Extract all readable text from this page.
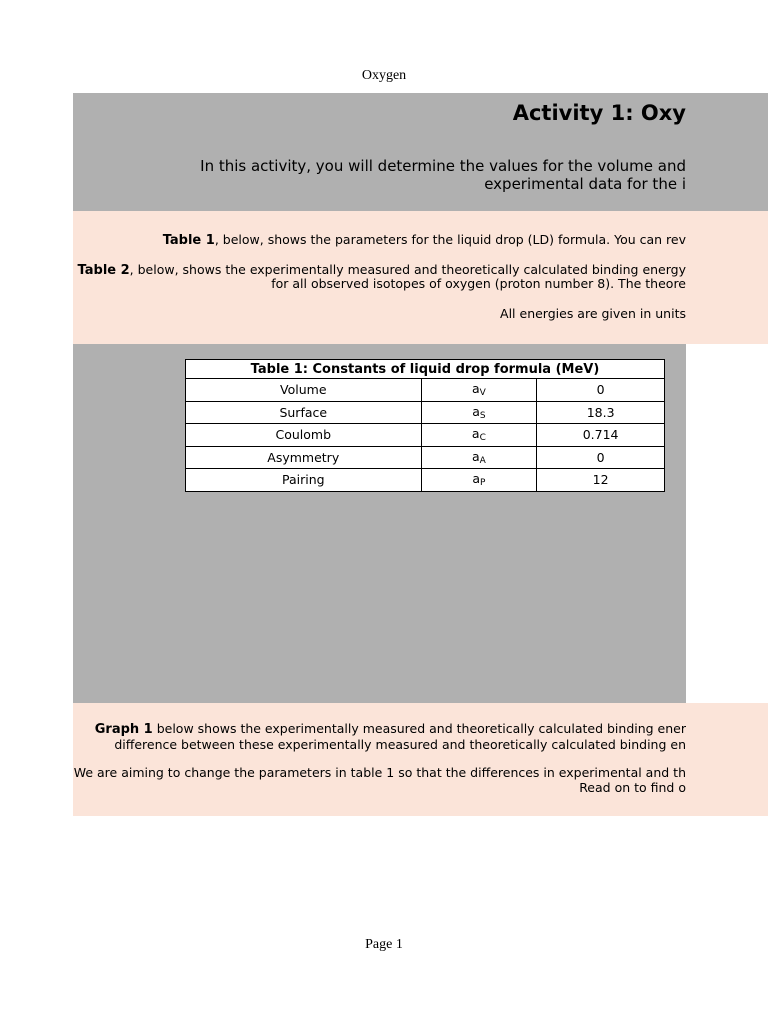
Oxygen
Activity 1: Oxy
In this activity, you will determine the values for the volume and
experimental data for the i
Table 1, below, shows the parameters for the liquid drop (LD) formula. You can rev
Table 2, below, shows the experimentally measured and theoretically calculated binding energy
for all observed isotopes of oxygen (proton number 8). The theore
All energies are given in units
Table 1: Constants of liquid drop formula (MeV)		
Volume	$a_V$	0
Surface	$a_S$	18.3
Coulomb	$a_C$	0.714
Asymmetry	$a_A$	0
Pairing	$a_P$	12
Graph 1 below shows the experimentally measured and theoretically calculated binding ener
difference between these experimentally measured and theoretically calculated binding en
We are aiming to change the parameters in table 1 so that the differences in experimental and th
Read on to find o
Page 1
